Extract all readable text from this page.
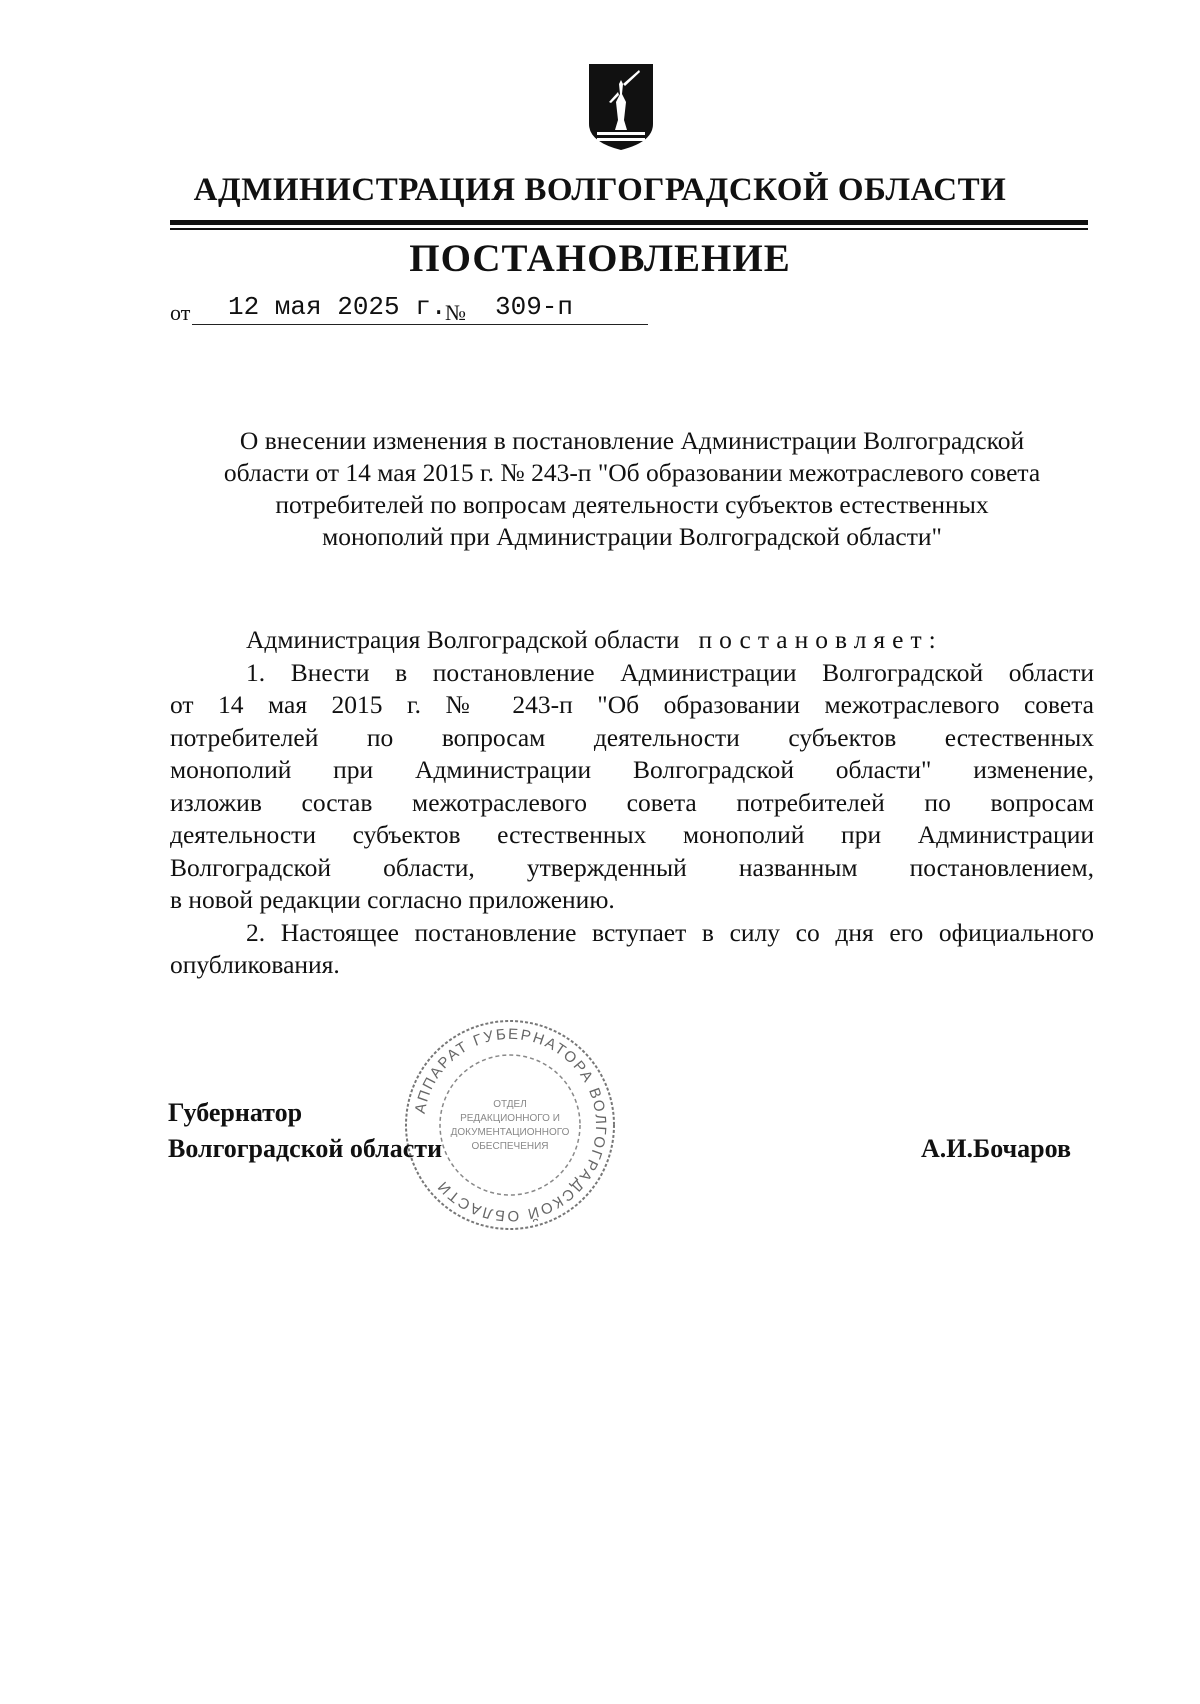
АДМИНИСТРАЦИЯ ВОЛГОГРАДСКОЙ ОБЛАСТИ
ПОСТАНОВЛЕНИЕ
от	12 мая 2025 г.
№	309-п
О внесении изменения в постановление Администрации Волгоградской
области от 14 мая 2015 г. № 243-п "Об образовании межотраслевого совета
потребителей по вопросам деятельности субъектов естественных
монополий при Администрации Волгоградской области"
Администрация Волгоградской области постановляет:
1. Внести в постановление Администрации Волгоградской области
от 14 мая 2015 г. № 243-п "Об образовании межотраслевого совета
потребителей по вопросам деятельности субъектов естественных
монополий при Администрации Волгоградской области" изменение,
изложив состав межотраслевого совета потребителей по вопросам
деятельности субъектов естественных монополий при Администрации
Волгоградской области, утвержденный названным постановлением,
в новой редакции согласно приложению.
2. Настоящее постановление вступает в силу со дня его официального
опубликования.
АППАРАТ ГУБЕРНАТОРА ВОЛГОГРАДСКОЙ ОБЛАСТИ
ОТДЕЛ
РЕДАКЦИОННОГО И
ДОКУМЕНТАЦИОННОГО
ОБЕСПЕЧЕНИЯ
Губернатор
Волгоградской области	А.И.Бочаров
